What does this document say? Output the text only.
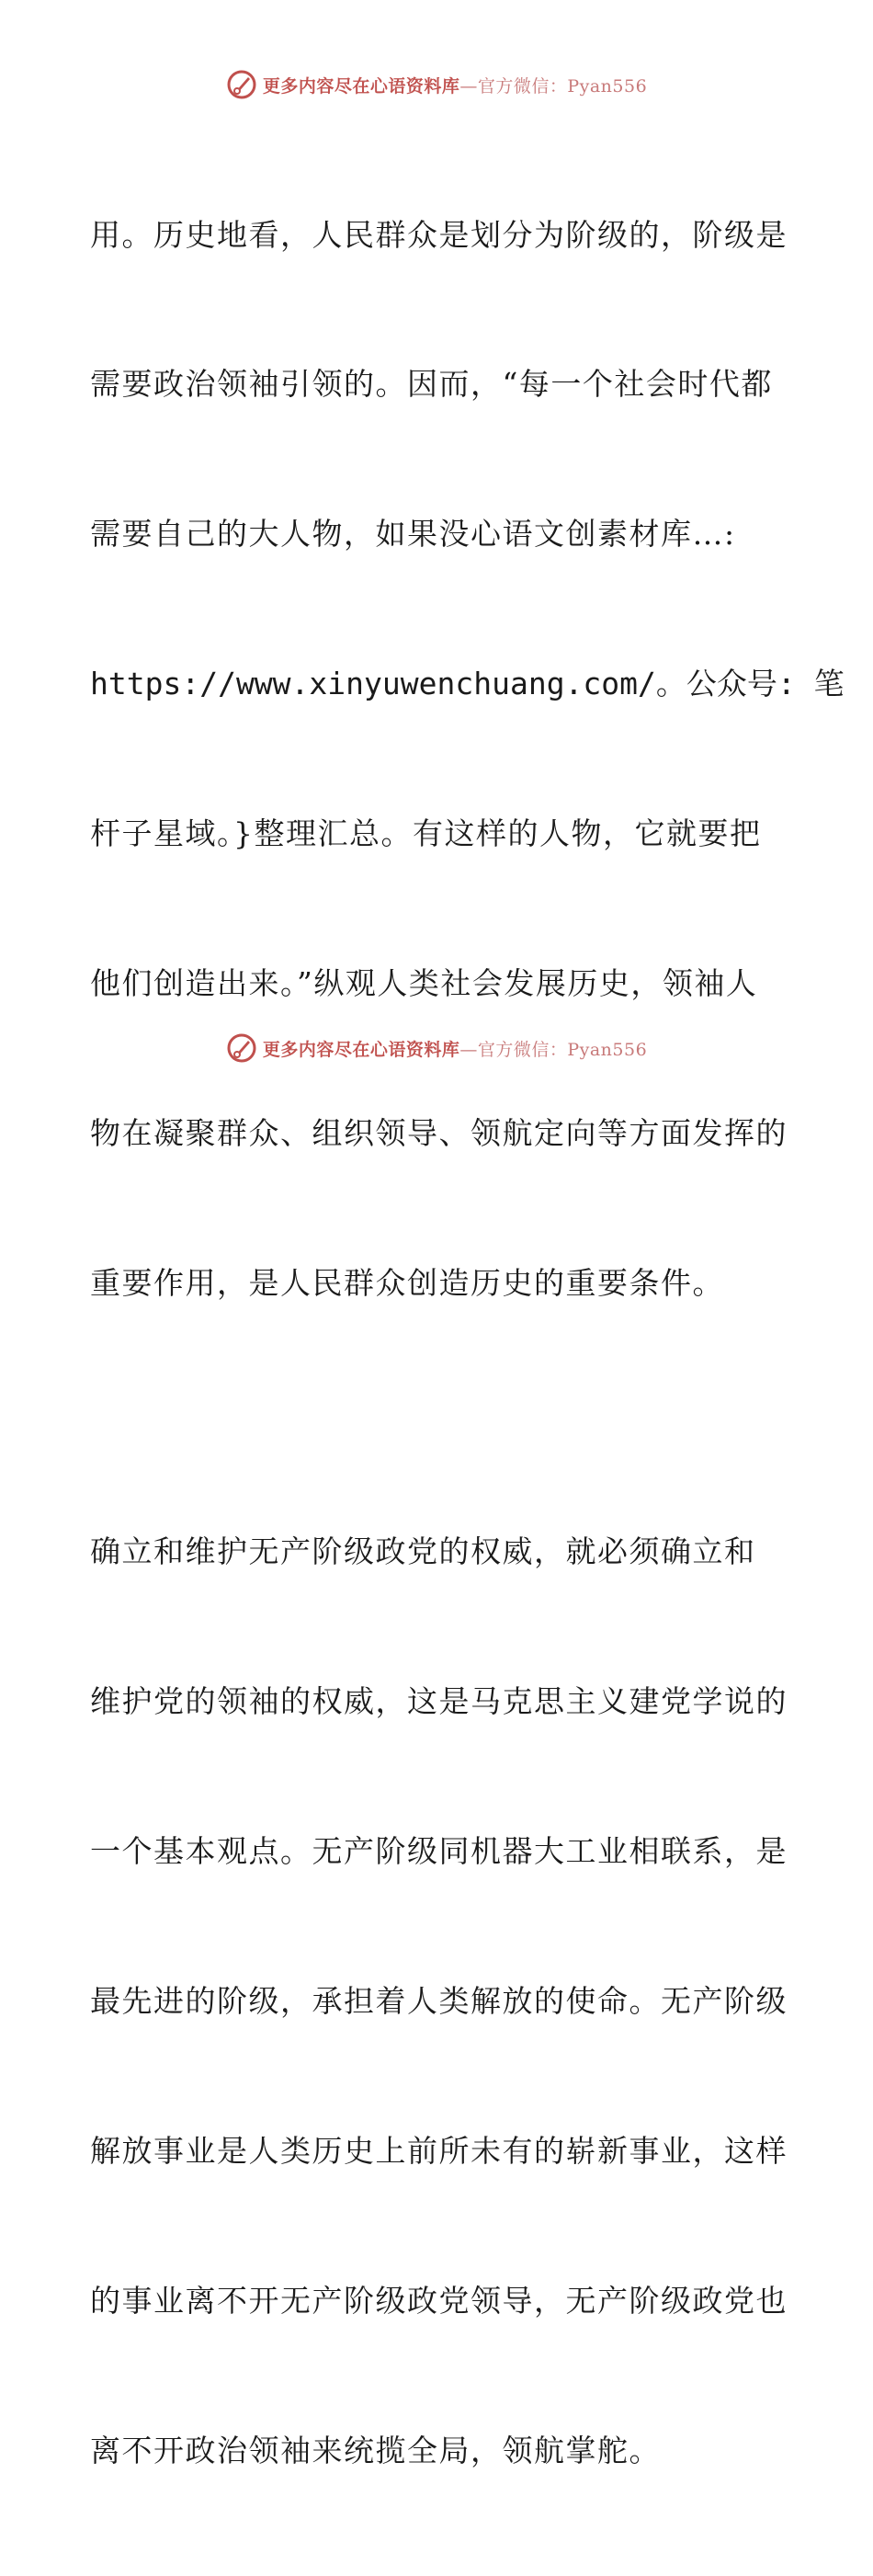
更多内容尽在心语资料库—官方微信：Pyan556

用。历史地看，人民群众是划分为阶级的，阶级是

需要政治领袖引领的。因而，“每一个社会时代都

需要自己的大人物，如果没心语文创素材库…:

https://www.xinyuwenchuang.com/。公众号: 笔

杆子星域。}整理汇总。有这样的人物，它就要把

他们创造出来。”纵观人类社会发展历史，领袖人

物在凝聚群众、组织领导、领航定向等方面发挥的

重要作用，是人民群众创造历史的重要条件。

确立和维护无产阶级政党的权威，就必须确立和

维护党的领袖的权威，这是马克思主义建党学说的

一个基本观点。无产阶级同机器大工业相联系，是

最先进的阶级，承担着人类解放的使命。无产阶级

解放事业是人类历史上前所未有的崭新事业，这样

的事业离不开无产阶级政党领导，无产阶级政党也

离不开政治领袖来统揽全局，领航掌舵。

更多内容尽在心语资料库—官方微信：Pyan556
